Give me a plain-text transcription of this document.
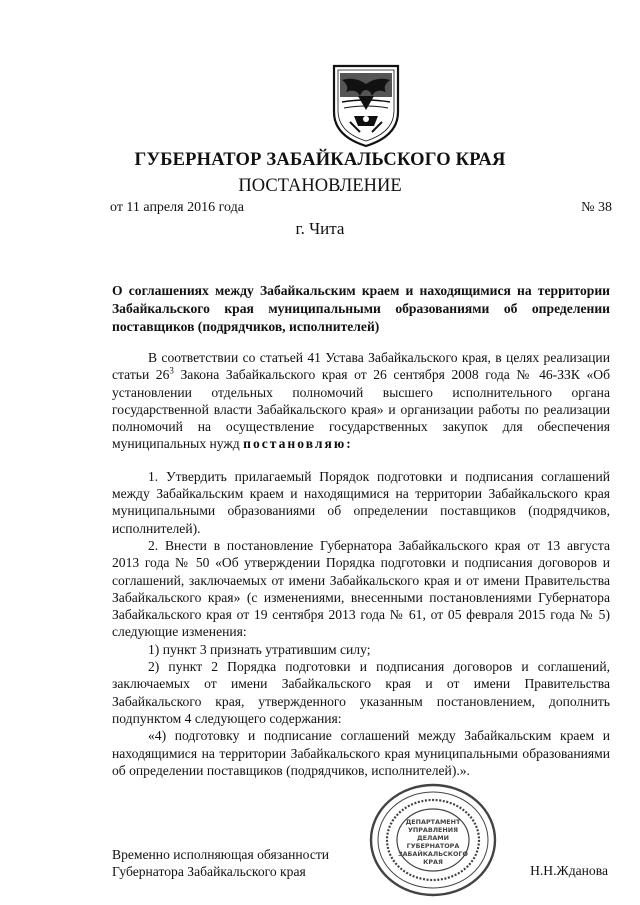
ГУБЕРНАТОР ЗАБАЙКАЛЬСКОГО КРАЯ
ПОСТАНОВЛЕНИЕ
от 11 апреля 2016 года	№ 38
г. Чита
О соглашениях между Забайкальским краем и находящимися на территории Забайкальского края муниципальными образованиями об определении поставщиков (подрядчиков, исполнителей)

В соответствии со статьей 41 Устава Забайкальского края, в целях реализации статьи $26^3$ Закона Забайкальского края от 26 сентября 2008 года № 46-ЗЗК «Об установлении отдельных полномочий высшего исполнительного органа государственной власти Забайкальского края» и организации работы по реализации полномочий на осуществление государственных закупок для обеспечения муниципальных нужд постановляю:

1. Утвердить прилагаемый Порядок подготовки и подписания соглашений между Забайкальским краем и находящимися на территории Забайкальского края муниципальными образованиями об определении поставщиков (подрядчиков, исполнителей).

2. Внести в постановление Губернатора Забайкальского края от 13 августа 2013 года № 50 «Об утверждении Порядка подготовки и подписания договоров и соглашений, заключаемых от имени Забайкальского края и от имени Правительства Забайкальского края» (с изменениями, внесенными постановлениями Губернатора Забайкальского края от 19 сентября 2013 года № 61, от 05 февраля 2015 года № 5) следующие изменения:

1) пункт 3 признать утратившим силу;

2) пункт 2 Порядка подготовки и подписания договоров и соглашений, заключаемых от имени Забайкальского края и от имени Правительства Забайкальского края, утвержденного указанным постановлением, дополнить подпунктом 4 следующего содержания:

«4) подготовку и подписание соглашений между Забайкальским краем и находящимися на территории Забайкальского края муниципальными образованиями об определении поставщиков (подрядчиков, исполнителей).».

Временно исполняющая обязанности
Губернатора Забайкальского края	Н.Н.Жданова
ДЕПАРТАМЕНТ
УПРАВЛЕНИЯ
ДЕЛАМИ
ГУБЕРНАТОРА
ЗАБАЙКАЛЬСКОГО
КРАЯ
